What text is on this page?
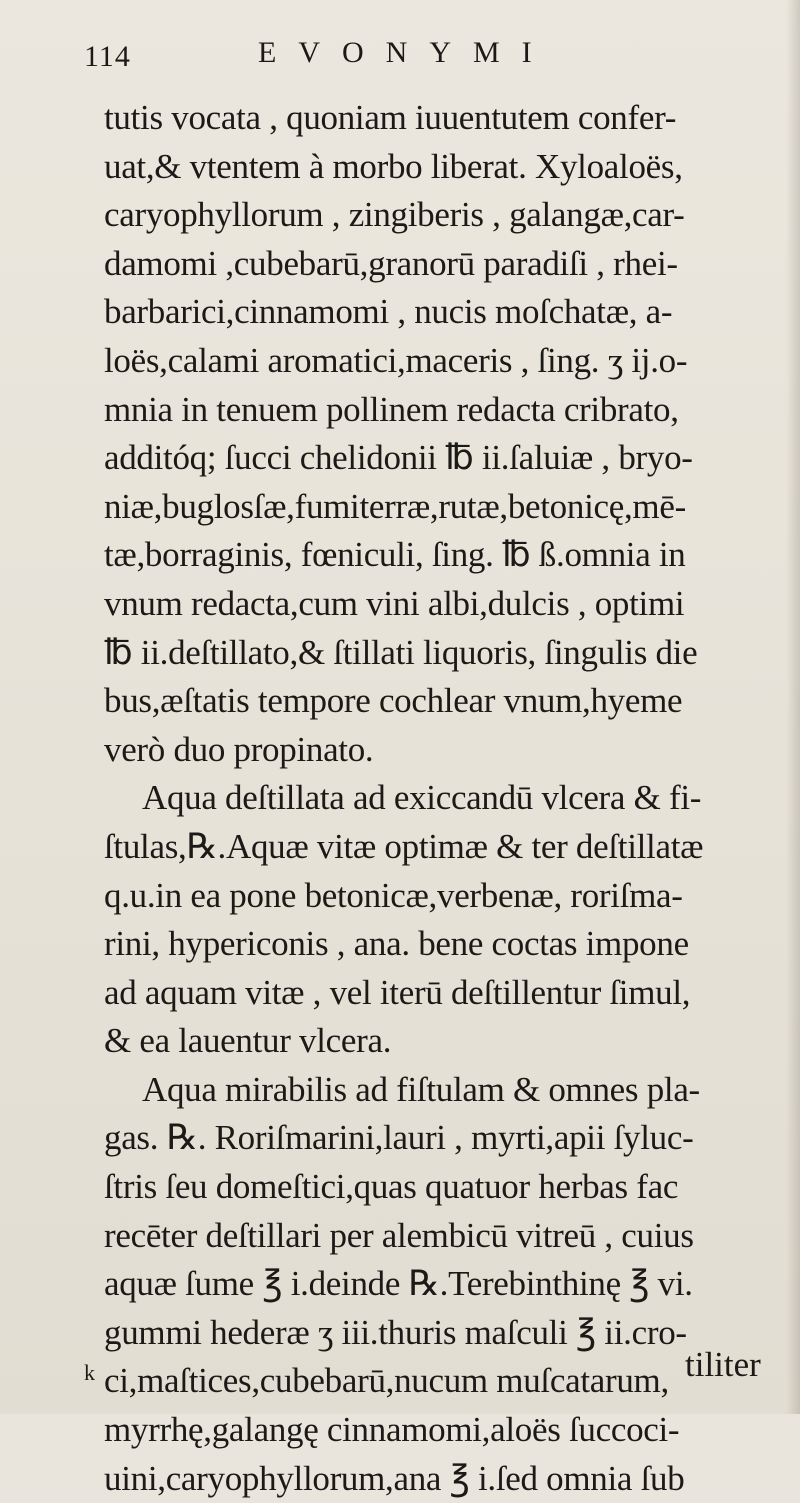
114	EVONYMI
tutis vocata , quoniam iuuentutem confer-
uat,& vtentem à morbo liberat. Xyloaloës,
caryophyllorum , zingiberis , galangæ,car-
damomi ,cubebarū,granorū paradiſi , rhei-
barbarici,cinnamomi , nucis moſchatæ, a-
loës,calami aromatici,maceris , ſing. ʒ ij.o-
mnia in tenuem pollinem redacta cribrato,
additóq; ſucci chelidonii ℔ ii.ſaluiæ , bryo-
niæ,buglosſæ,fumiterræ,rutæ,betonicę,mē-
tæ,borraginis, fœniculi, ſing. ℔ ß.omnia in
vnum redacta,cum vini albi,dulcis , optimi
℔ ii.deſtillato,& ſtillati liquoris, ſingulis die
bus,æſtatis tempore cochlear vnum,hyeme
verò duo propinato.
Aqua deſtillata ad exiccandū vlcera & fi-
ſtulas,℞.Aquæ vitæ optimæ & ter deſtillatæ
q.u.in ea pone betonicæ,verbenæ, roriſma-
rini, hypericonis , ana. bene coctas impone
ad aquam vitæ , vel iterū deſtillentur ſimul,
& ea lauentur vlcera.
Aqua mirabilis ad fiſtulam & omnes pla-
gas. ℞. Roriſmarini,lauri , myrti,apii ſyluc-
ſtris ſeu domeſtici,quas quatuor herbas fac
recēter deſtillari per alembicū vitreū , cuius
aquæ ſume ℥ i.deinde ℞.Terebinthinę ℥ vi.
gummi hederæ ʒ iii.thuris maſculi ℥ ii.cro-
ci,maſtices,cubebarū,nucum muſcatarum,
myrrhę,galangę cinnamomi,aloës ſuccoci-
uini,caryophyllorum,ana ℥ i.ſed omnia ſub
k	tiliter
